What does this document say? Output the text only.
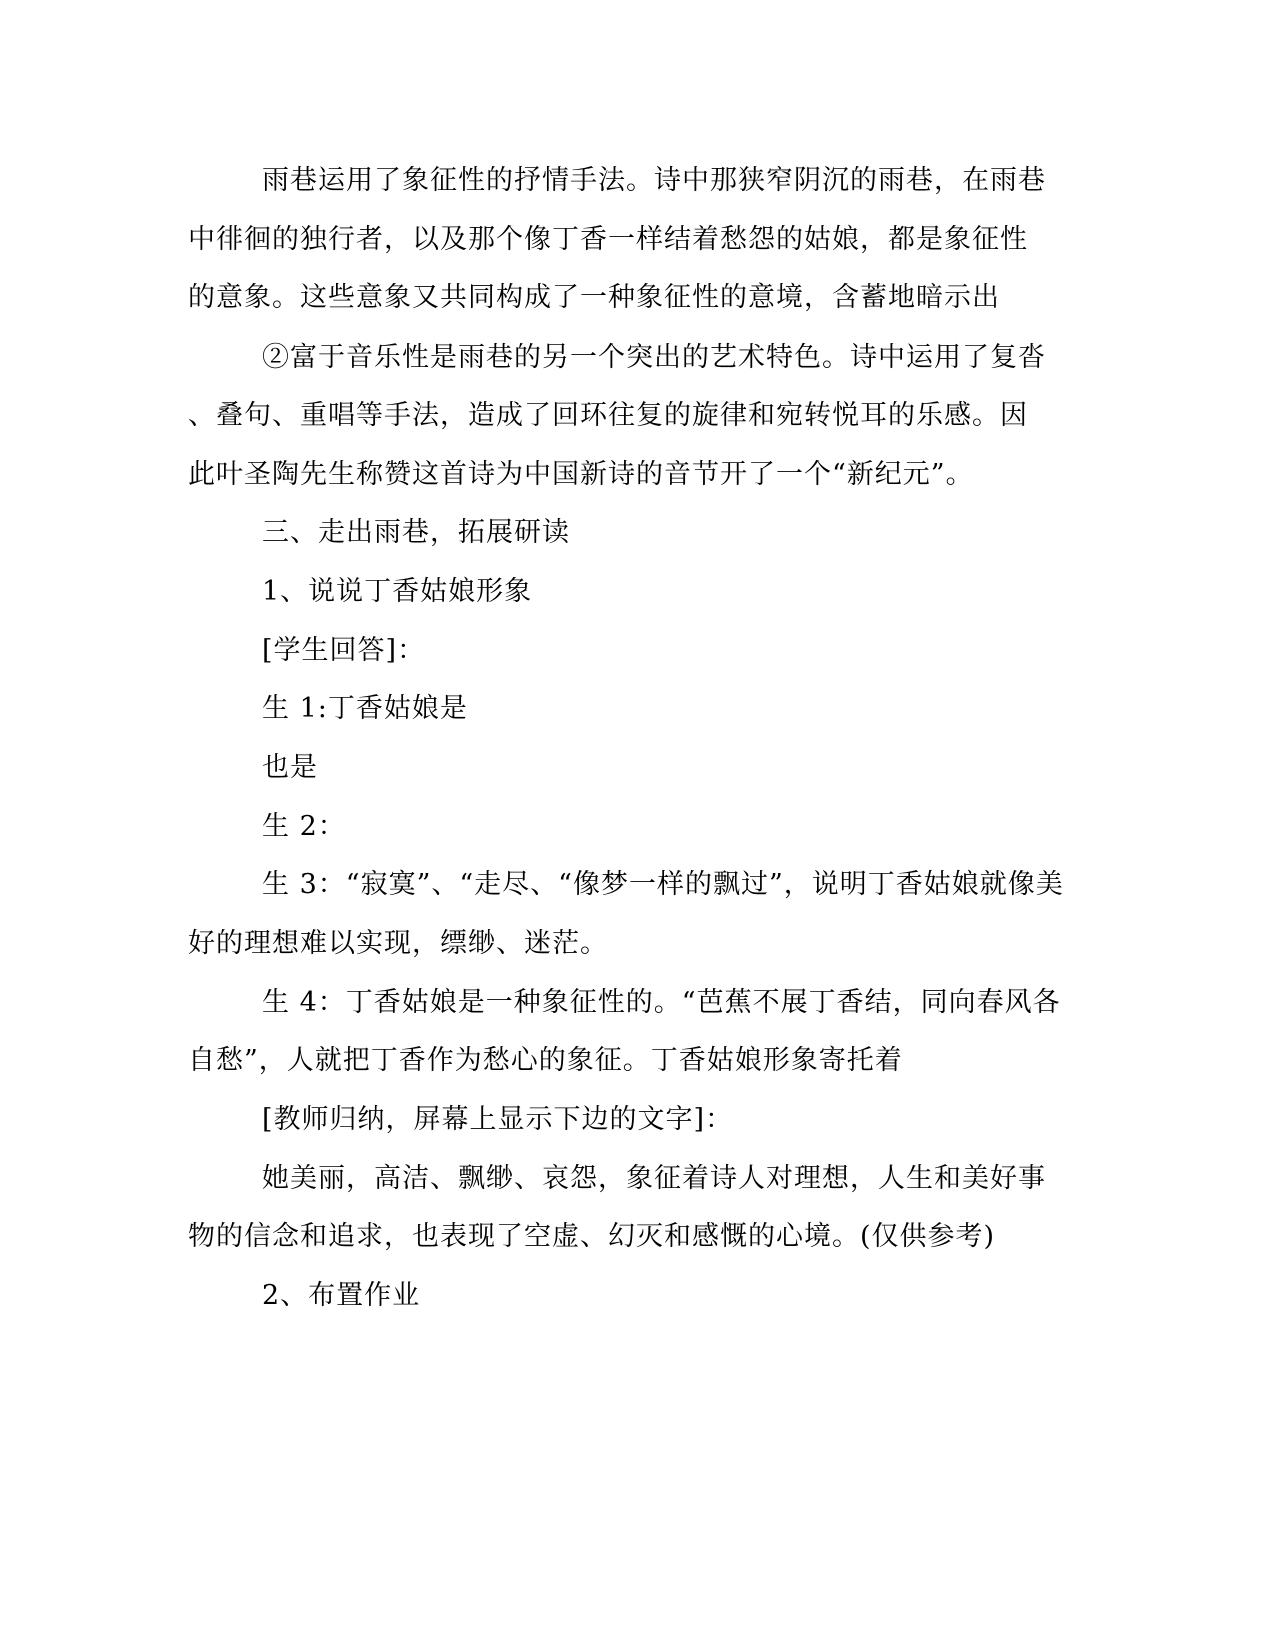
雨巷运用了象征性的抒情手法。诗中那狭窄阴沉的雨巷，在雨巷
中徘徊的独行者，以及那个像丁香一样结着愁怨的姑娘，都是象征性
的意象。这些意象又共同构成了一种象征性的意境，含蓄地暗示出
②富于音乐性是雨巷的另一个突出的艺术特色。诗中运用了复沓
、叠句、重唱等手法，造成了回环往复的旋律和宛转悦耳的乐感。因
此叶圣陶先生称赞这首诗为中国新诗的音节开了一个“新纪元”。
三、走出雨巷，拓展研读
1、说说丁香姑娘形象
[学生回答]：
生 1:丁香姑娘是
也是
生 2：
生 3：“寂寞”、“走尽、“像梦一样的飘过”，说明丁香姑娘就像美
好的理想难以实现，缥缈、迷茫。
生 4：丁香姑娘是一种象征性的。“芭蕉不展丁香结，同向春风各
自愁”，人就把丁香作为愁心的象征。丁香姑娘形象寄托着
[教师归纳，屏幕上显示下边的文字]：
她美丽，高洁、飘缈、哀怨，象征着诗人对理想，人生和美好事
物的信念和追求，也表现了空虚、幻灭和感慨的心境。(仅供参考)
2、布置作业
